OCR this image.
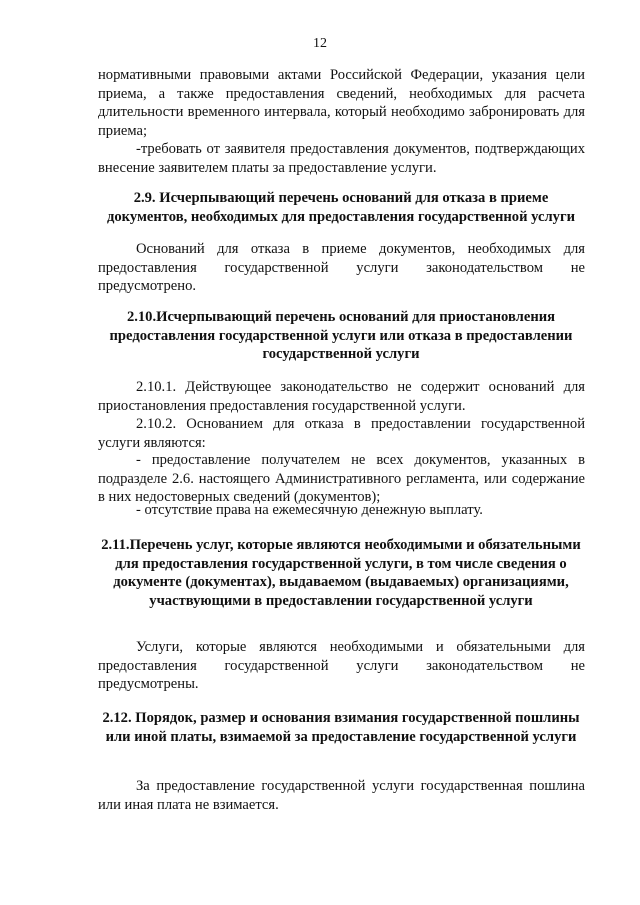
12

нормативными правовыми актами Российской Федерации, указания цели приема, а также предоставления сведений, необходимых для расчета длительности временного интервала, который необходимо забронировать для приема;

-требовать от заявителя предоставления документов, подтверждающих внесение заявителем платы за предоставление услуги.

2.9. Исчерпывающий перечень оснований для отказа в приеме документов, необходимых для предоставления государственной услуги

Оснований для отказа в приеме документов, необходимых для предоставления государственной услуги законодательством не предусмотрено.

2.10.Исчерпывающий перечень оснований для приостановления предоставления государственной услуги или отказа в предоставлении государственной услуги

2.10.1. Действующее законодательство не содержит оснований для приостановления предоставления государственной услуги.

2.10.2. Основанием для отказа в предоставлении государственной услуги являются:

- предоставление получателем не всех документов, указанных в подразделе 2.6. настоящего Административного регламента, или содержание в них недостоверных сведений (документов);

- отсутствие права на ежемесячную денежную выплату.

2.11.Перечень услуг, которые являются необходимыми и обязательными для предоставления государственной услуги, в том числе сведения о документе (документах), выдаваемом (выдаваемых) организациями, участвующими в предоставлении государственной услуги

Услуги, которые являются необходимыми и обязательными для предоставления государственной услуги законодательством не предусмотрены.

2.12. Порядок, размер и основания взимания государственной пошлины или иной платы, взимаемой за предоставление государственной услуги

За предоставление государственной услуги государственная пошлина или иная плата не взимается.
